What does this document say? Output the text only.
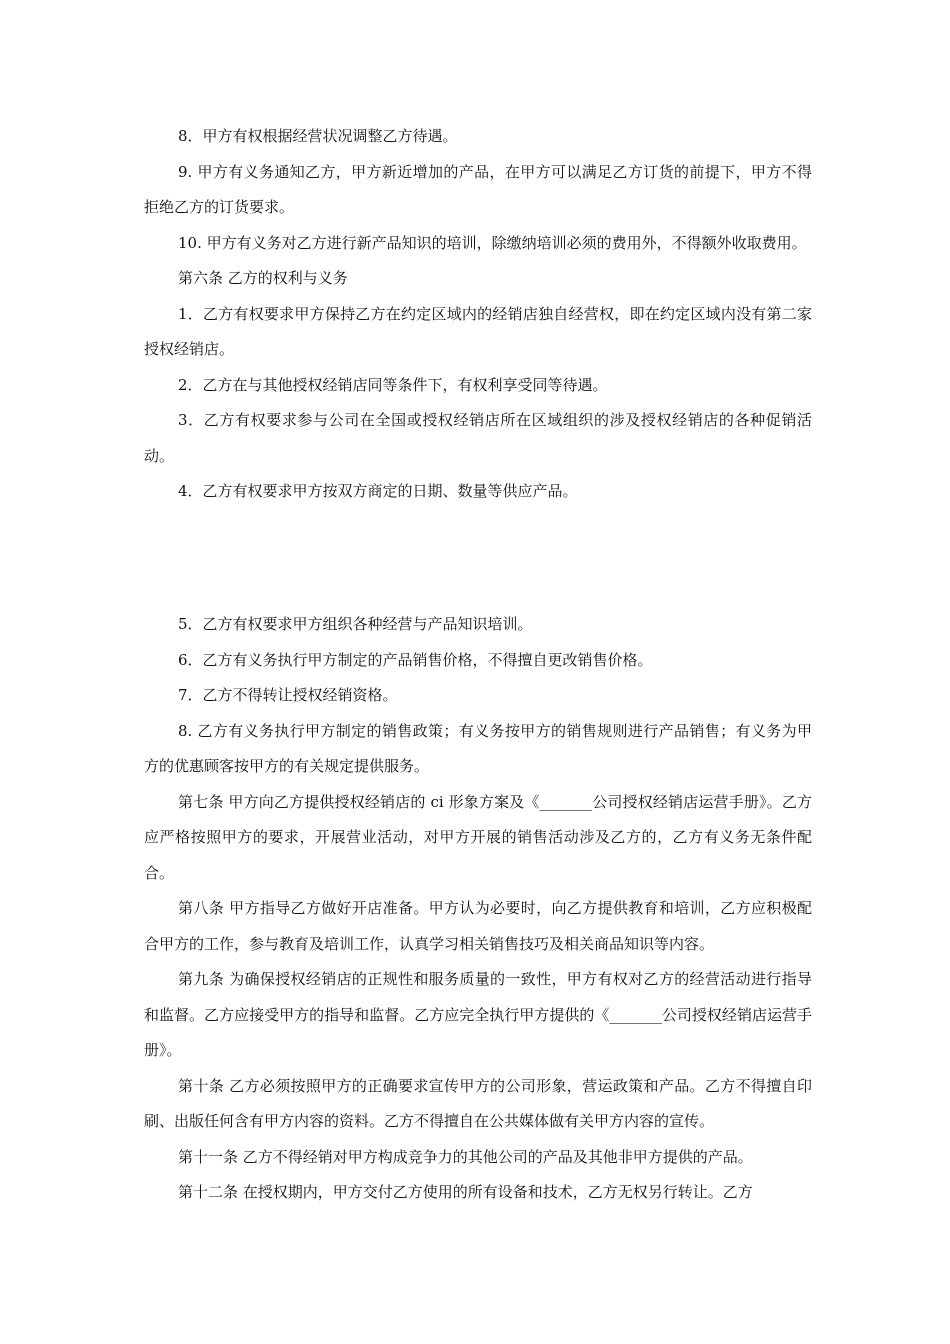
8．甲方有权根据经营状况调整乙方待遇。

9. 甲方有义务通知乙方，甲方新近增加的产品，在甲方可以满足乙方订货的前提下，甲方不得拒绝乙方的订货要求。

10. 甲方有义务对乙方进行新产品知识的培训，除缴纳培训必须的费用外，不得额外收取费用。

第六条 乙方的权利与义务

1．乙方有权要求甲方保持乙方在约定区域内的经销店独自经营权，即在约定区域内没有第二家授权经销店。

2．乙方在与其他授权经销店同等条件下，有权利享受同等待遇。

3．乙方有权要求参与公司在全国或授权经销店所在区域组织的涉及授权经销店的各种促销活动。

4．乙方有权要求甲方按双方商定的日期、数量等供应产品。

5．乙方有权要求甲方组织各种经营与产品知识培训。

6．乙方有义务执行甲方制定的产品销售价格，不得擅自更改销售价格。

7．乙方不得转让授权经销资格。

8. 乙方有义务执行甲方制定的销售政策；有义务按甲方的销售规则进行产品销售；有义务为甲方的优惠顾客按甲方的有关规定提供服务。

第七条 甲方向乙方提供授权经销店的 ci 形象方案及《_______公司授权经销店运营手册》。乙方应严格按照甲方的要求，开展营业活动，对甲方开展的销售活动涉及乙方的，乙方有义务无条件配合。

第八条 甲方指导乙方做好开店准备。甲方认为必要时，向乙方提供教育和培训，乙方应积极配合甲方的工作，参与教育及培训工作，认真学习相关销售技巧及相关商品知识等内容。

第九条 为确保授权经销店的正规性和服务质量的一致性，甲方有权对乙方的经营活动进行指导和监督。乙方应接受甲方的指导和监督。乙方应完全执行甲方提供的《_______公司授权经销店运营手册》。

第十条 乙方必须按照甲方的正确要求宣传甲方的公司形象，营运政策和产品。乙方不得擅自印刷、出版任何含有甲方内容的资料。乙方不得擅自在公共媒体做有关甲方内容的宣传。

第十一条 乙方不得经销对甲方构成竞争力的其他公司的产品及其他非甲方提供的产品。

第十二条 在授权期内，甲方交付乙方使用的所有设备和技术，乙方无权另行转让。乙方
